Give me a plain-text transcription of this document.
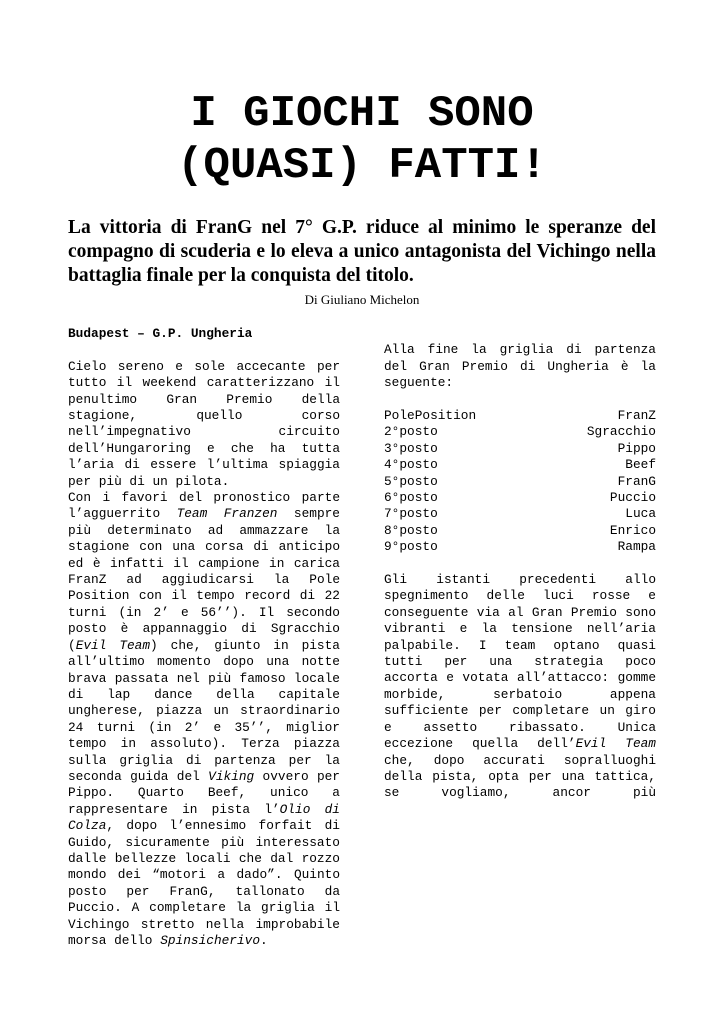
I GIOCHI SONO
(QUASI) FATTI!

La vittoria di FranG nel 7° G.P. riduce al minimo le speranze del compagno di scuderia e lo eleva a unico antagonista del Vichingo nella battaglia finale per la conquista del titolo.

Di Giuliano Michelon

Budapest – G.P. Ungheria

Cielo sereno e sole accecante per tutto il weekend caratterizzano il penultimo Gran Premio della stagione, quello corso nell’impegnativo circuito dell’Hungaroring e che ha tutta l’aria di essere l’ultima spiaggia per più di un pilota.

Con i favori del pronostico parte l’agguerrito Team Franzen sempre più determinato ad ammazzare la stagione con una corsa di anticipo ed è infatti il campione in carica FranZ ad aggiudicarsi la Pole Position con il tempo record di 22 turni (in 2’ e 56’’). Il secondo posto è appannaggio di Sgracchio (Evil Team) che, giunto in pista all’ultimo momento dopo una notte brava passata nel più famoso locale di lap dance della capitale ungherese, piazza un straordinario 24 turni (in 2’ e 35’’, miglior tempo in assoluto). Terza piazza sulla griglia di partenza per la seconda guida del Viking ovvero per Pippo. Quarto Beef, unico a rappresentare in pista l’Olio di Colza, dopo l’ennesimo forfait di Guido, sicuramente più interessato dalle bellezze locali che dal rozzo mondo dei “motori a dado”. Quinto posto per FranG, tallonato da Puccio. A completare la griglia il Vichingo stretto nella improbabile morsa dello Spinsicherivo.

Alla fine la griglia di partenza del Gran Premio di Ungheria è la seguente:

PolePosition	FranZ
2°posto	Sgracchio
3°posto	Pippo
4°posto	Beef
5°posto	FranG
6°posto	Puccio
7°posto	Luca
8°posto	Enrico
9°posto	Rampa

Gli istanti precedenti allo spegnimento delle luci rosse e conseguente via al Gran Premio sono vibranti e la tensione nell’aria palpabile. I team optano quasi tutti per una strategia poco accorta e votata all’attacco: gomme morbide, serbatoio appena sufficiente per completare un giro e assetto ribassato. Unica eccezione quella dell’Evil Team che, dopo accurati sopralluoghi della pista, opta per una tattica, se vogliamo, ancor più
